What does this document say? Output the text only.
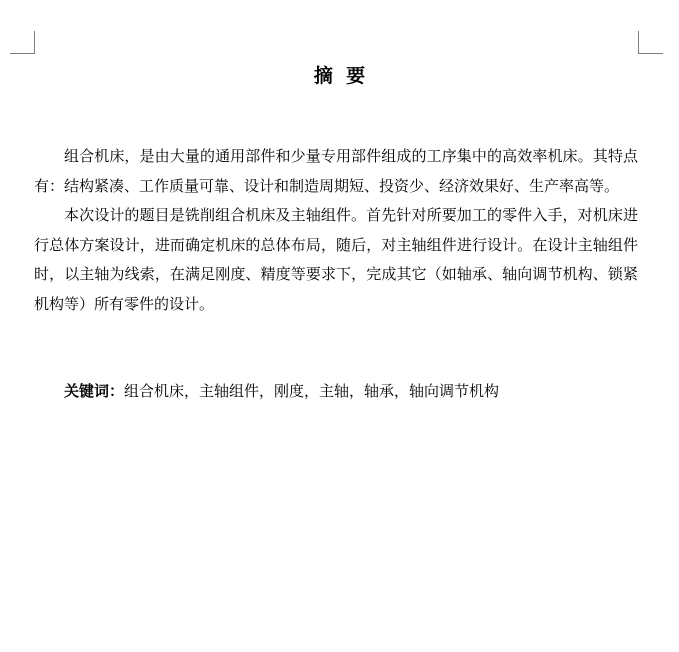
摘  要

组合机床，是由大量的通用部件和少量专用部件组成的工序集中的高效率机床。其特点有：结构紧凑、工作质量可靠、设计和制造周期短、投资少、经济效果好、生产率高等。

本次设计的题目是铣削组合机床及主轴组件。首先针对所要加工的零件入手，对机床进行总体方案设计，进而确定机床的总体布局，随后，对主轴组件进行设计。在设计主轴组件时，以主轴为线索，在满足刚度、精度等要求下，完成其它（如轴承、轴向调节机构、锁紧机构等）所有零件的设计。

关键词：组合机床，主轴组件，刚度，主轴，轴承，轴向调节机构
